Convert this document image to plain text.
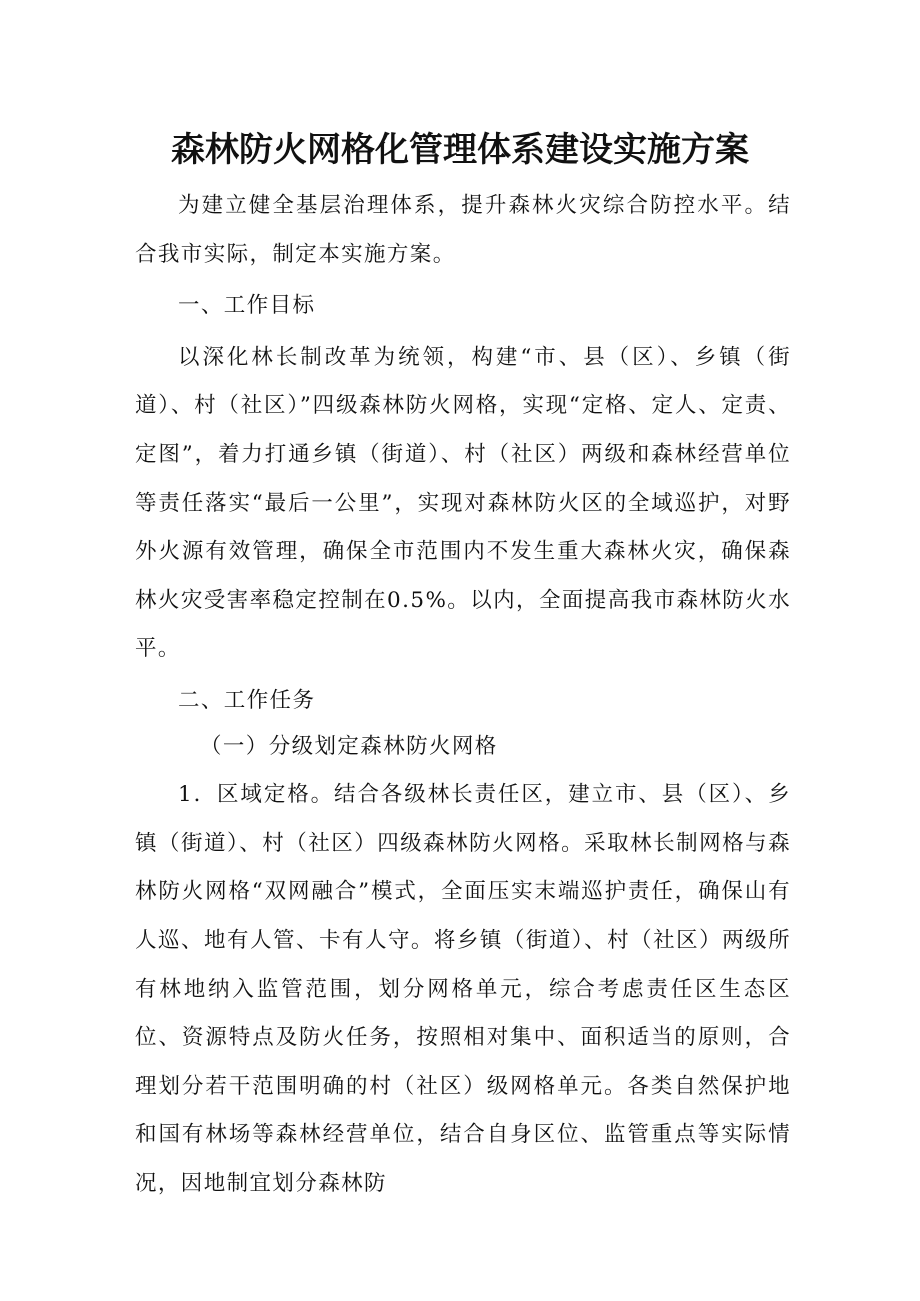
森林防火网格化管理体系建设实施方案

为建立健全基层治理体系，提升森林火灾综合防控水平。结合我市实际，制定本实施方案。

一、工作目标

以深化林长制改革为统领，构建“市、县（区）、乡镇（街道）、村（社区）”四级森林防火网格，实现“定格、定人、定责、定图”，着力打通乡镇（街道）、村（社区）两级和森林经营单位等责任落实“最后一公里”，实现对森林防火区的全域巡护，对野外火源有效管理，确保全市范围内不发生重大森林火灾，确保森林火灾受害率稳定控制在0.5%。以内，全面提高我市森林防火水平。

二、工作任务

（一）分级划定森林防火网格

1．区域定格。结合各级林长责任区，建立市、县（区）、乡镇（街道）、村（社区）四级森林防火网格。采取林长制网格与森林防火网格“双网融合”模式，全面压实末端巡护责任，确保山有人巡、地有人管、卡有人守。将乡镇（街道）、村（社区）两级所有林地纳入监管范围，划分网格单元，综合考虑责任区生态区位、资源特点及防火任务，按照相对集中、面积适当的原则，合理划分若干范围明确的村（社区）级网格单元。各类自然保护地和国有林场等森林经营单位，结合自身区位、监管重点等实际情况，因地制宜划分森林防
